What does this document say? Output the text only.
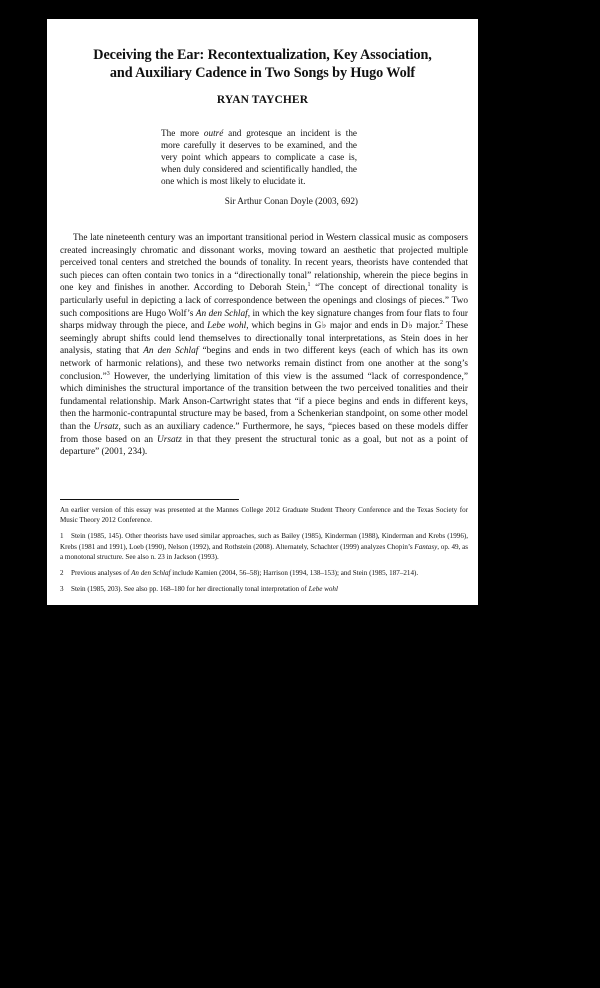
Deceiving the Ear: Recontextualization, Key Association,
and Auxiliary Cadence in Two Songs by Hugo Wolf
RYAN TAYCHER
The more outré and grotesque an incident is the more carefully it deserves to be examined, and the very point which appears to complicate a case is, when duly considered and scientifically handled, the one which is most likely to elucidate it.
Sir Arthur Conan Doyle (2003, 692)

The late nineteenth century was an important transitional period in Western classical music as composers created increasingly chromatic and dissonant works, moving toward an aesthetic that projected multiple perceived tonal centers and stretched the bounds of tonality. In recent years, theorists have contended that such pieces can often contain two tonics in a “directionally tonal” relationship, wherein the piece begins in one key and finishes in another. According to Deborah Stein,$^1$ “The concept of directional tonality is particularly useful in depicting a lack of correspondence between the openings and closings of pieces.” Two such compositions are Hugo Wolf’s An den Schlaf, in which the key signature changes from four flats to four sharps midway through the piece, and Lebe wohl, which begins in G♭ major and ends in D♭ major.$^2$ These seemingly abrupt shifts could lend themselves to directionally tonal interpretations, as Stein does in her analysis, stating that An den Schlaf “begins and ends in two different keys (each of which has its own network of harmonic relations), and these two networks remain distinct from one another at the song’s conclusion.”$^3$ However, the underlying limitation of this view is the assumed “lack of correspondence,” which diminishes the structural importance of the transition between the two perceived tonalities and their fundamental relationship. Mark Anson-Cartwright states that “if a piece begins and ends in different keys, then the harmonic-contrapuntal structure may be based, from a Schenkerian standpoint, on some other model than the Ursatz, such as an auxiliary cadence.” Furthermore, he says, “pieces based on these models differ from those based on an Ursatz in that they present the structural tonic as a goal, but not as a point of departure” (2001, 234).

An earlier version of this essay was presented at the Mannes College 2012 Graduate Student Theory Conference and the Texas Society for Music Theory 2012 Conference.

1 Stein (1985, 145). Other theorists have used similar approaches, such as Bailey (1985), Kinderman (1988), Kinderman and Krebs (1996), Krebs (1981 and 1991), Loeb (1990), Nelson (1992), and Rothstein (2008). Alternately, Schachter (1999) analyzes Chopin’s Fantasy, op. 49, as a monotonal structure. See also n. 23 in Jackson (1993).

2 Previous analyses of An den Schlaf include Kamien (2004, 56–58); Harrison (1994, 138–153); and Stein (1985, 187–214).

3 Stein (1985, 203). See also pp. 168–180 for her directionally tonal interpretation of Lebe wohl
